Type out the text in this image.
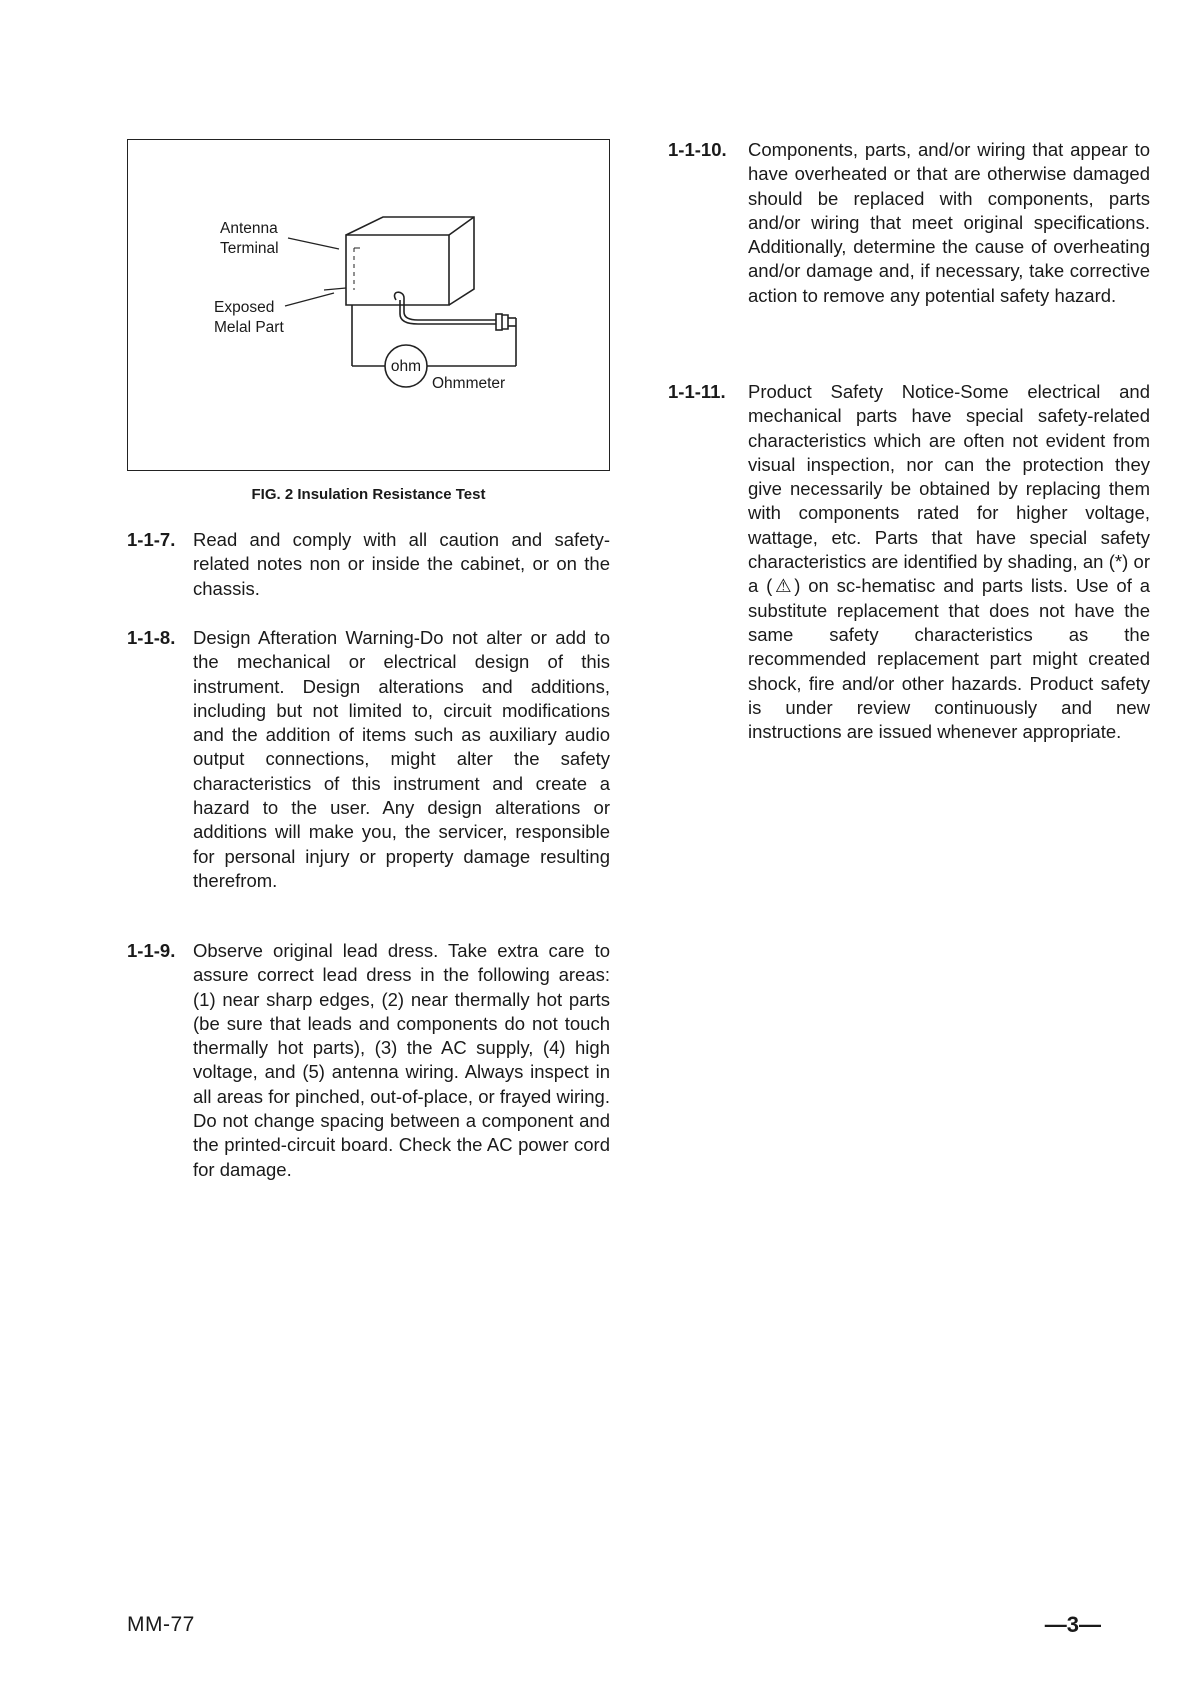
Antenna
Terminal
Exposed
Melal Part
ohm
Ohmmeter
FIG. 2 Insulation Resistance Test
1-1-7. Read and comply with all caution and safety-related notes non or inside the cabinet, or on the chassis.
1-1-8. Design Afteration Warning-Do not alter or add to the mechanical or electrical design of this instrument. Design alterations and additions, including but not limited to, circuit modifications and the addition of items such as auxiliary audio output connections, might alter the safety characteristics of this instrument and create a hazard to the user. Any design alterations or additions will make you, the servicer, responsible for personal injury or property damage resulting therefrom.
1-1-9. Observe original lead dress. Take extra care to assure correct lead dress in the following areas: (1) near sharp edges, (2) near thermally hot parts (be sure that leads and components do not touch thermally hot parts), (3) the AC supply, (4) high voltage, and (5) antenna wiring. Always inspect in all areas for pinched, out-of-place, or frayed wiring. Do not change spacing between a component and the printed-circuit board. Check the AC power cord for damage.
1-1-10. Components, parts, and/or wiring that appear to have overheated or that are otherwise damaged should be replaced with components, parts and/or wiring that meet original specifications. Additionally, determine the cause of overheating and/or damage and, if necessary, take corrective action to remove any potential safety hazard.
1-1-11. Product Safety Notice-Some electrical and mechanical parts have special safety-related characteristics which are often not evident from visual inspection, nor can the protection they give necessarily be obtained by replacing them with components rated for higher voltage, wattage, etc. Parts that have special safety characteristics are identified by shading, an (*) or a (⚠) on sc-hematisc and parts lists. Use of a substitute replacement that does not have the same safety characteristics as the recommended replacement part might created shock, fire and/or other hazards. Product safety is under review continuously and new instructions are issued whenever appropriate.
MM-77	—3—
